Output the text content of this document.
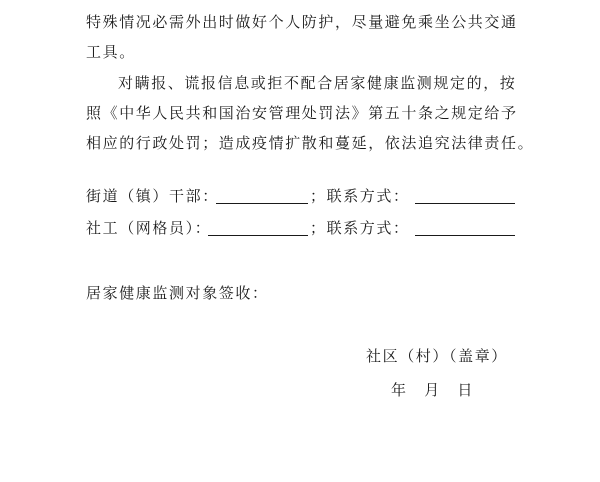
特殊情况必需外出时做好个人防护，尽量避免乘坐公共交通
工具。
对瞒报、谎报信息或拒不配合居家健康监测规定的，按
照《中华人民共和国治安管理处罚法》第五十条之规定给予
相应的行政处罚；造成疫情扩散和蔓延，依法追究法律责任。
街道（镇）干部：	；联系方式：
社工（网格员）：	；联系方式：
居家健康监测对象签收：
社区（村）（盖章）
年　月　日
